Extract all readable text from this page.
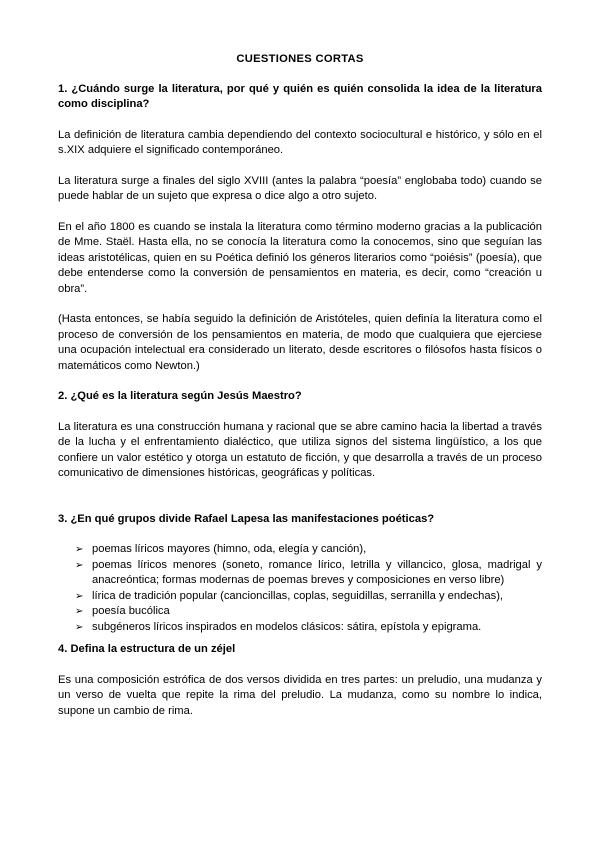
CUESTIONES CORTAS
1. ¿Cuándo surge la literatura, por qué y quién es quién consolida la idea de la literatura como disciplina?
La definición de literatura cambia dependiendo del contexto sociocultural e histórico, y sólo en el s.XIX adquiere el significado contemporáneo.
La literatura surge a finales del siglo XVIII (antes la palabra “poesía” englobaba todo) cuando se puede hablar de un sujeto que expresa o dice algo a otro sujeto.
En el año 1800 es cuando se instala la literatura como término moderno gracias a la publicación de Mme. Staël. Hasta ella, no se conocía la literatura como la conocemos, sino que seguían las ideas aristotélicas, quien en su Poética definió los géneros literarios como “poiésis” (poesía), que debe entenderse como la conversión de pensamientos en materia, es decir, como “creación u obra”.
(Hasta entonces, se había seguido la definición de Aristóteles, quien definía la literatura como el proceso de conversión de los pensamientos en materia, de modo que cualquiera que ejerciese una ocupación intelectual era considerado un literato, desde escritores o filósofos hasta físicos o matemáticos como Newton.)
2. ¿Qué es la literatura según Jesús Maestro?
La literatura es una construcción humana y racional que se abre camino hacia la libertad a través de la lucha y el enfrentamiento dialéctico, que utiliza signos del sistema lingüístico, a los que confiere un valor estético y otorga un estatuto de ficción, y que desarrolla a través de un proceso comunicativo de dimensiones históricas, geográficas y políticas.
3. ¿En qué grupos divide Rafael Lapesa las manifestaciones poéticas?
➢ poemas líricos mayores (himno, oda, elegía y canción),
➢ poemas líricos menores (soneto, romance lírico, letrilla y villancico, glosa, madrigal y anacreóntica; formas modernas de poemas breves y composiciones en verso libre)
➢ lírica de tradición popular (cancioncillas, coplas, seguidillas, serranilla y endechas),
➢ poesía bucólica
➢ subgéneros líricos inspirados en modelos clásicos: sátira, epístola y epigrama.
4. Defina la estructura de un zéjel
Es una composición estrófica de dos versos dividida en tres partes: un preludio, una mudanza y un verso de vuelta que repite la rima del preludio. La mudanza, como su nombre lo indica, supone un cambio de rima.
